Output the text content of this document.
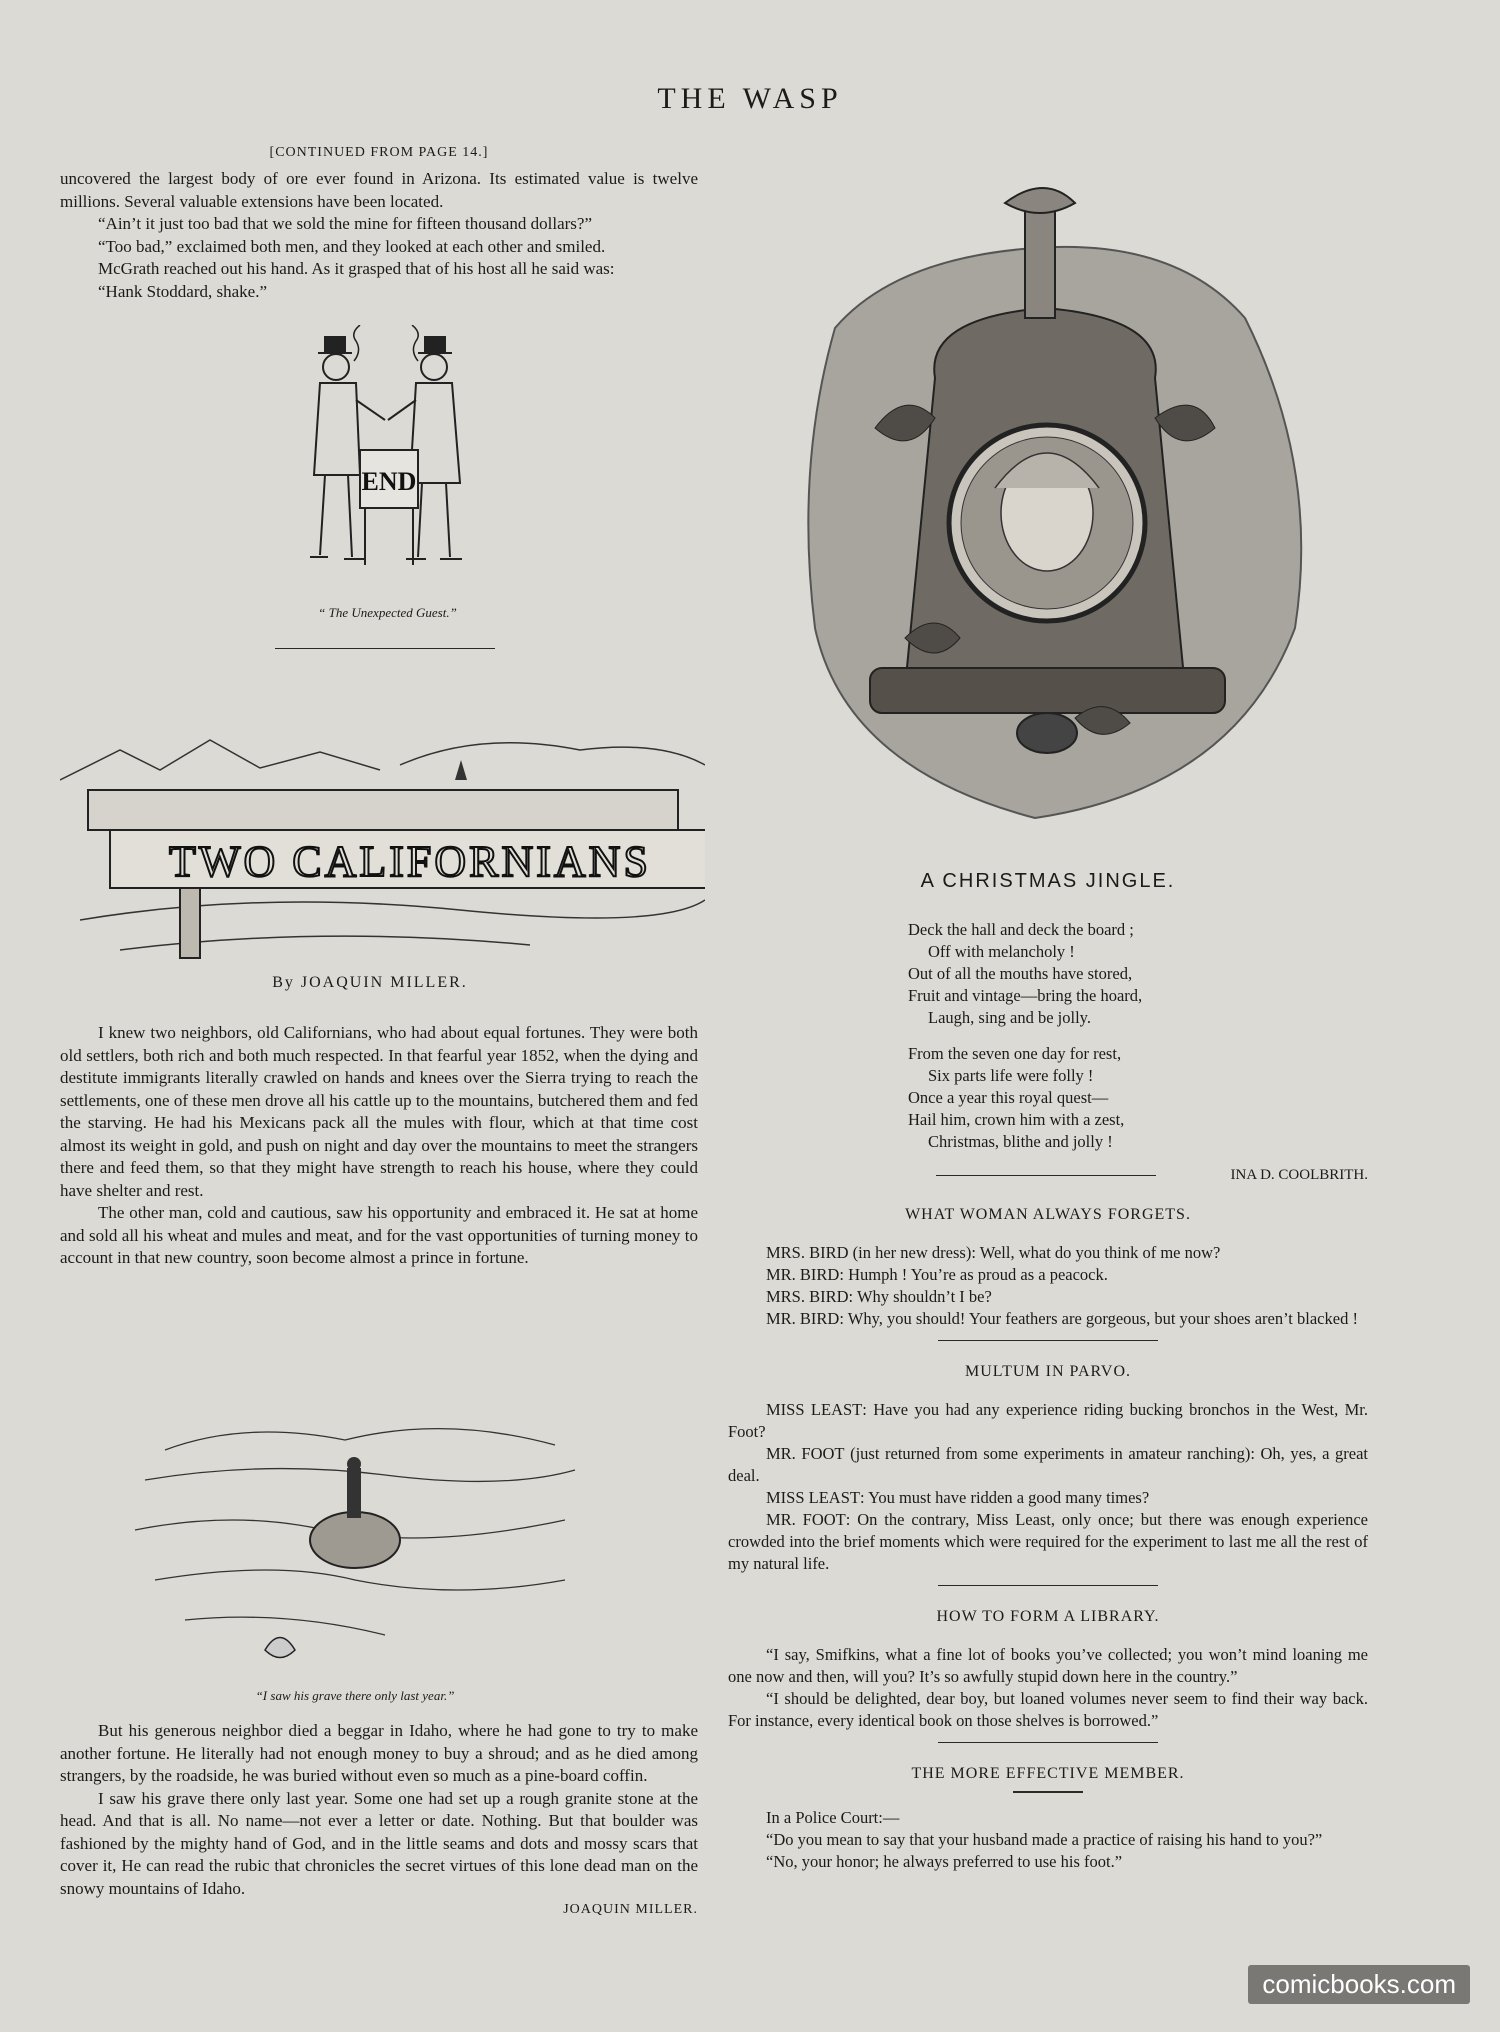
THE WASP
[CONTINUED FROM PAGE 14.]

uncovered the largest body of ore ever found in Arizona. Its estimated value is twelve millions. Several valuable extensions have been located.

“Ain’t it just too bad that we sold the mine for fifteen thousand dollars?”

“Too bad,” exclaimed both men, and they looked at each other and smiled.

McGrath reached out his hand. As it grasped that of his host all he said was:

“Hank Stoddard, shake.”

END
“ The Unexpected Guest.”
TWO CALIFORNIANS
By JOAQUIN MILLER.

I knew two neighbors, old Californians, who had about equal fortunes. They were both old settlers, both rich and both much respected. In that fearful year 1852, when the dying and destitute immigrants literally crawled on hands and knees over the Sierra trying to reach the settlements, one of these men drove all his cattle up to the mountains, butchered them and fed the starving. He had his Mexicans pack all the mules with flour, which at that time cost almost its weight in gold, and push on night and day over the mountains to meet the strangers there and feed them, so that they might have strength to reach his house, where they could have shelter and rest.

The other man, cold and cautious, saw his opportunity and embraced it. He sat at home and sold all his wheat and mules and meat, and for the vast opportunities of turning money to account in that new country, soon become almost a prince in fortune.

“I saw his grave there only last year.”

But his generous neighbor died a beggar in Idaho, where he had gone to try to make another fortune. He literally had not enough money to buy a shroud; and as he died among strangers, by the roadside, he was buried without even so much as a pine-board coffin.

I saw his grave there only last year. Some one had set up a rough granite stone at the head. And that is all. No name—not ever a letter or date. Nothing. But that boulder was fashioned by the mighty hand of God, and in the little seams and dots and mossy scars that cover it, He can read the rubic that chronicles the secret virtues of this lone dead man on the snowy mountains of Idaho.

JOAQUIN MILLER.
A CHRISTMAS JINGLE.
Deck the hall and deck the board ;
Off with melancholy !
Out of all the mouths have stored,
Fruit and vintage—bring the hoard,
Laugh, sing and be jolly.
From the seven one day for rest,
Six parts life were folly !
Once a year this royal quest—
Hail him, crown him with a zest,
Christmas, blithe and jolly !
INA D. COOLBRITH.
WHAT WOMAN ALWAYS FORGETS.

MRS. BIRD (in her new dress): Well, what do you think of me now?

MR. BIRD: Humph ! You’re as proud as a peacock.

MRS. BIRD: Why shouldn’t I be?

MR. BIRD: Why, you should! Your feathers are gorgeous, but your shoes aren’t blacked !

MULTUM IN PARVO.

MISS LEAST: Have you had any experience riding bucking bronchos in the West, Mr. Foot?

MR. FOOT (just returned from some experiments in amateur ranching): Oh, yes, a great deal.

MISS LEAST: You must have ridden a good many times?

MR. FOOT: On the contrary, Miss Least, only once; but there was enough experience crowded into the brief moments which were required for the experiment to last me all the rest of my natural life.

HOW TO FORM A LIBRARY.

“I say, Smifkins, what a fine lot of books you’ve collected; you won’t mind loaning me one now and then, will you? It’s so awfully stupid down here in the country.”

“I should be delighted, dear boy, but loaned volumes never seem to find their way back. For instance, every identical book on those shelves is borrowed.”

THE MORE EFFECTIVE MEMBER.

In a Police Court:—

“Do you mean to say that your husband made a practice of raising his hand to you?”

“No, your honor; he always preferred to use his foot.”

comicbooks.com
